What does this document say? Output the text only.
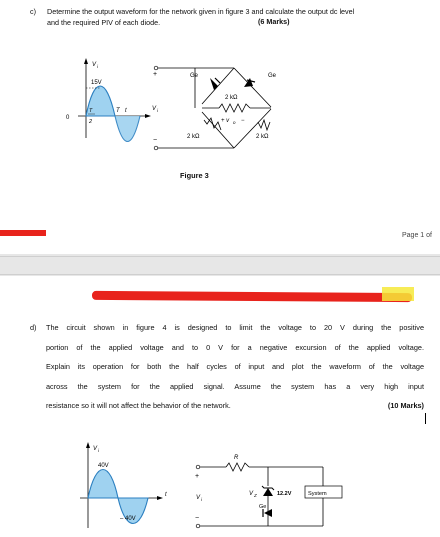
c) Determine the output waveform for the network given in figure 3 and calculate the output dc level
and the required PIV of each diode.	(6 Marks)
15V
V i
0
T
2
T t
+
−
V i
Ge	Ge
2 kΩ
+ v o −
2 kΩ	2 kΩ
Figure 3
Page 1 of
d) The circuit shown in figure 4 is designed to limit the voltage to 20 V during the positive
portion of the applied voltage and to 0 V for a negative excursion of the applied voltage.
Explain its operation for both the half cycles of input and plot the waveform of the voltage
across the system for the applied signal. Assume the system has a very high input
resistance so it will not affect the behavior of the network.	(10 Marks)
V i
40V
– 40V
t
+
−
V i
R
V Z	12.2V
Ge
System
